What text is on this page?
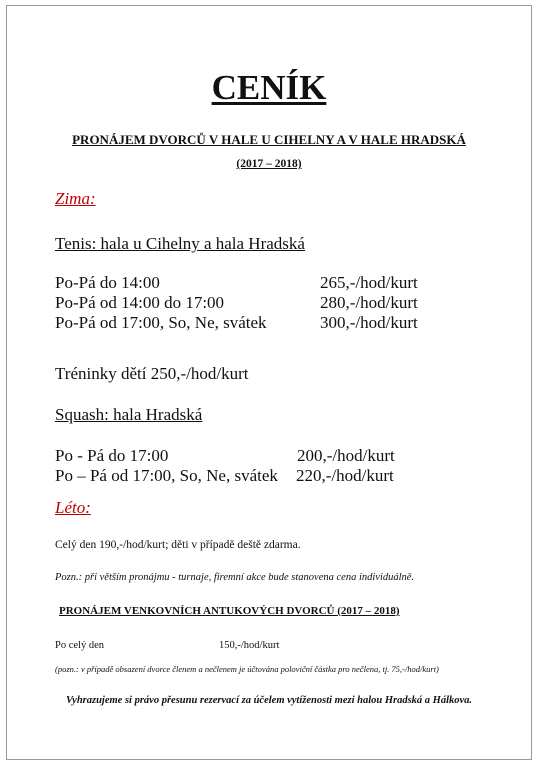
CENÍK
PRONÁJEM DVORCŮ V HALE U CIHELNY A V HALE HRADSKÁ
(2017 – 2018)
Zima:
Tenis: hala u Cihelny a hala Hradská
Po-Pá do 14:00	265,-/hod/kurt
Po-Pá od 14:00 do 17:00	280,-/hod/kurt
Po-Pá od 17:00, So, Ne, svátek	300,-/hod/kurt
Tréninky dětí 250,-/hod/kurt
Squash: hala Hradská
Po - Pá do 17:00	200,-/hod/kurt
Po – Pá od 17:00, So, Ne, svátek 220,-/hod/kurt
Léto:
Celý den 190,-/hod/kurt; děti v případě deště zdarma.
Pozn.: při větším pronájmu - turnaje, firemní akce bude stanovena cena individuálně.
PRONÁJEM VENKOVNÍCH ANTUKOVÝCH DVORCŮ (2017 – 2018)
Po celý den	150,-/hod/kurt
(pozn.: v případě obsazení dvorce členem a nečlenem je účtována poloviční částka pro nečlena, tj. 75,-/hod/kurt)
Vyhrazujeme si právo přesunu rezervací za účelem vytíženosti mezi halou Hradská a Hálkova.
